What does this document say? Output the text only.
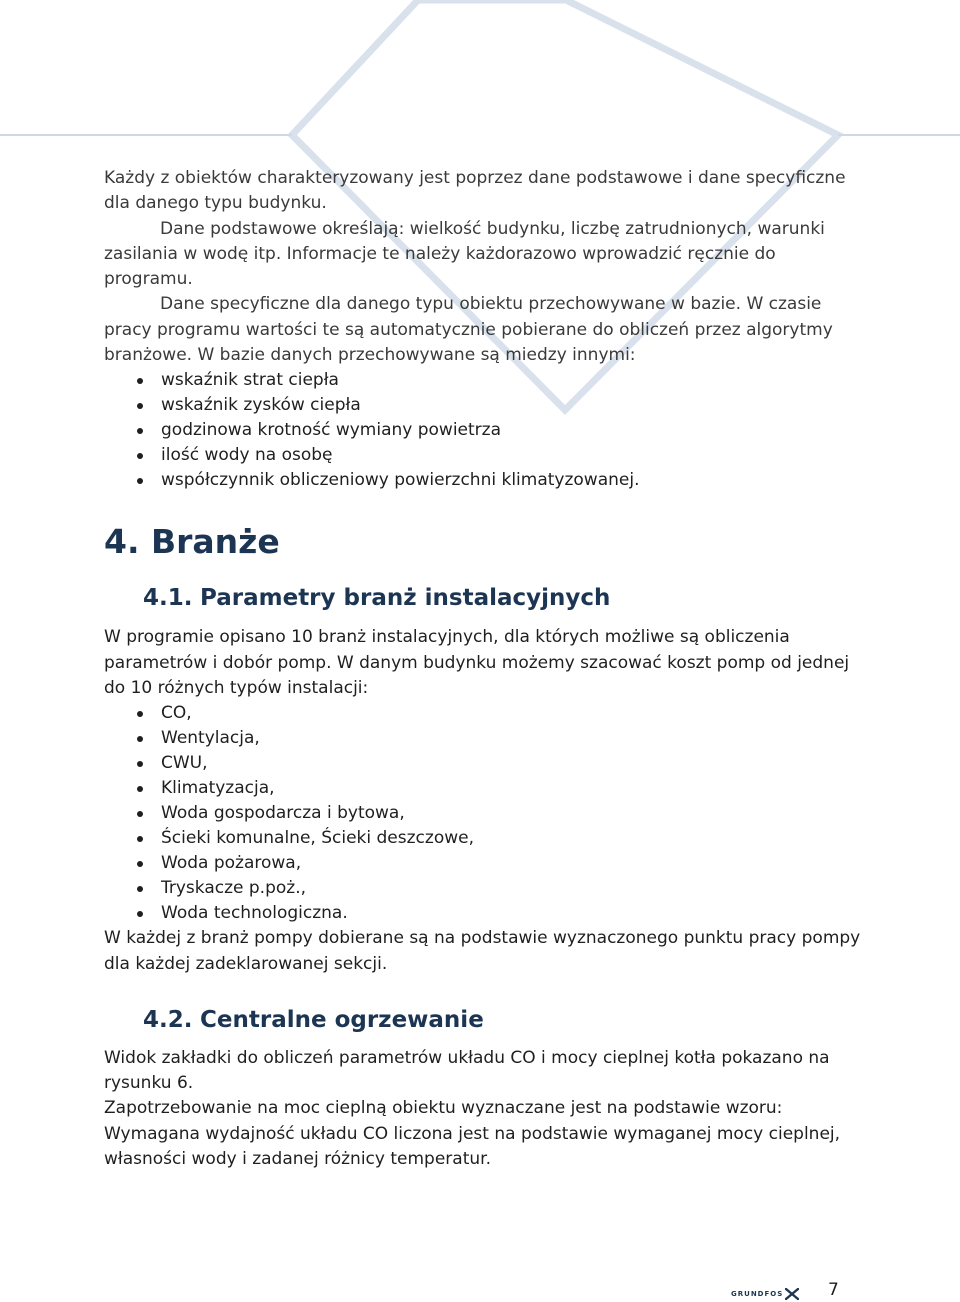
Każdy z obiektów charakteryzowany jest poprzez dane podstawowe i dane specyficzne dla danego typu budynku.

Dane podstawowe określają: wielkość budynku, liczbę zatrudnionych, warunki zasilania w wodę itp. Informacje te należy każdorazowo wprowadzić ręcznie do programu.

Dane specyficzne dla danego typu obiektu przechowywane w bazie. W czasie pracy programu wartości te są automatycznie pobierane do obliczeń przez algorytmy branżowe. W bazie danych przechowywane są miedzy innymi:

wskaźnik strat ciepła
wskaźnik zysków ciepła
godzinowa krotność wymiany powietrza
ilość wody na osobę
współczynnik obliczeniowy powierzchni klimatyzowanej.
4. Branże
4.1. Parametry branż instalacyjnych

W programie opisano 10 branż instalacyjnych, dla których możliwe są obliczenia parametrów i dobór pomp. W danym budynku możemy szacować koszt pomp od jednej do 10 różnych typów instalacji:

CO,
Wentylacja,
CWU,
Klimatyzacja,
Woda gospodarcza i bytowa,
Ścieki komunalne, Ścieki deszczowe,
Woda pożarowa,
Tryskacze p.poż.,
Woda technologiczna.

W każdej z branż pompy dobierane są na podstawie wyznaczonego punktu pracy pompy dla każdej zadeklarowanej sekcji.

4.2. Centralne ogrzewanie

Widok zakładki do obliczeń parametrów układu CO i mocy cieplnej kotła pokazano na rysunku 6.

Zapotrzebowanie na moc cieplną obiektu wyznaczane jest na podstawie wzoru:

Wymagana wydajność układu CO liczona jest na podstawie wymaganej mocy cieplnej, własności wody i zadanej różnicy temperatur.

GRUNDFOS	7
